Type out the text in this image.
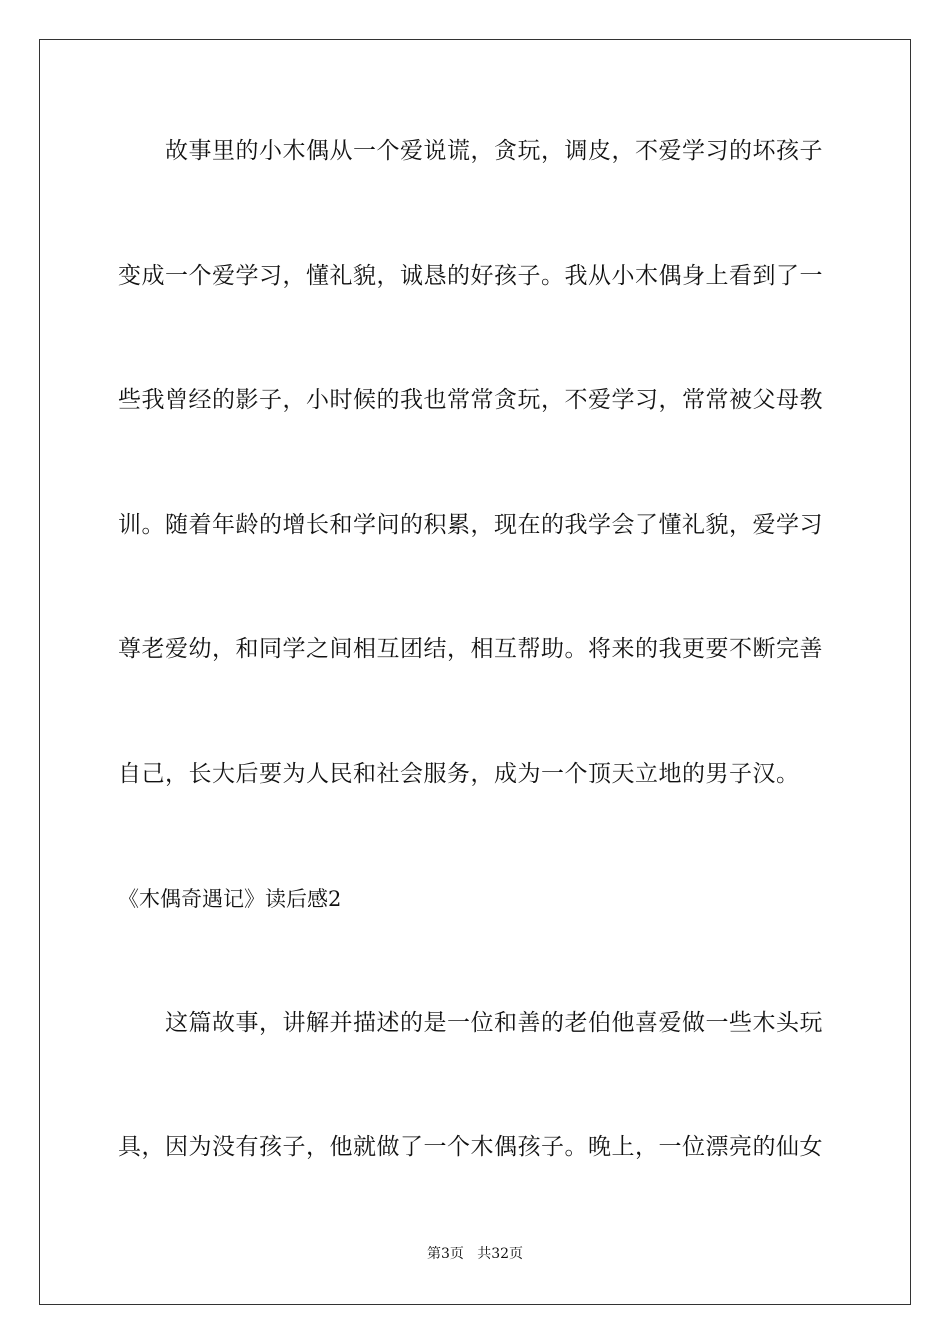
故事里的小木偶从一个爱说谎，贪玩，调皮，不爱学习的坏孩子
变成一个爱学习，懂礼貌，诚恳的好孩子。我从小木偶身上看到了一
些我曾经的影子，小时候的我也常常贪玩，不爱学习，常常被父母教
训。随着年龄的增长和学问的积累，现在的我学会了懂礼貌，爱学习
尊老爱幼，和同学之间相互团结，相互帮助。将来的我更要不断完善
自己，长大后要为人民和社会服务，成为一个顶天立地的男子汉。
《木偶奇遇记》读后感2
这篇故事，讲解并描述的是一位和善的老伯他喜爱做一些木头玩
具，因为没有孩子，他就做了一个木偶孩子。晚上，一位漂亮的仙女
第3页   共32页
